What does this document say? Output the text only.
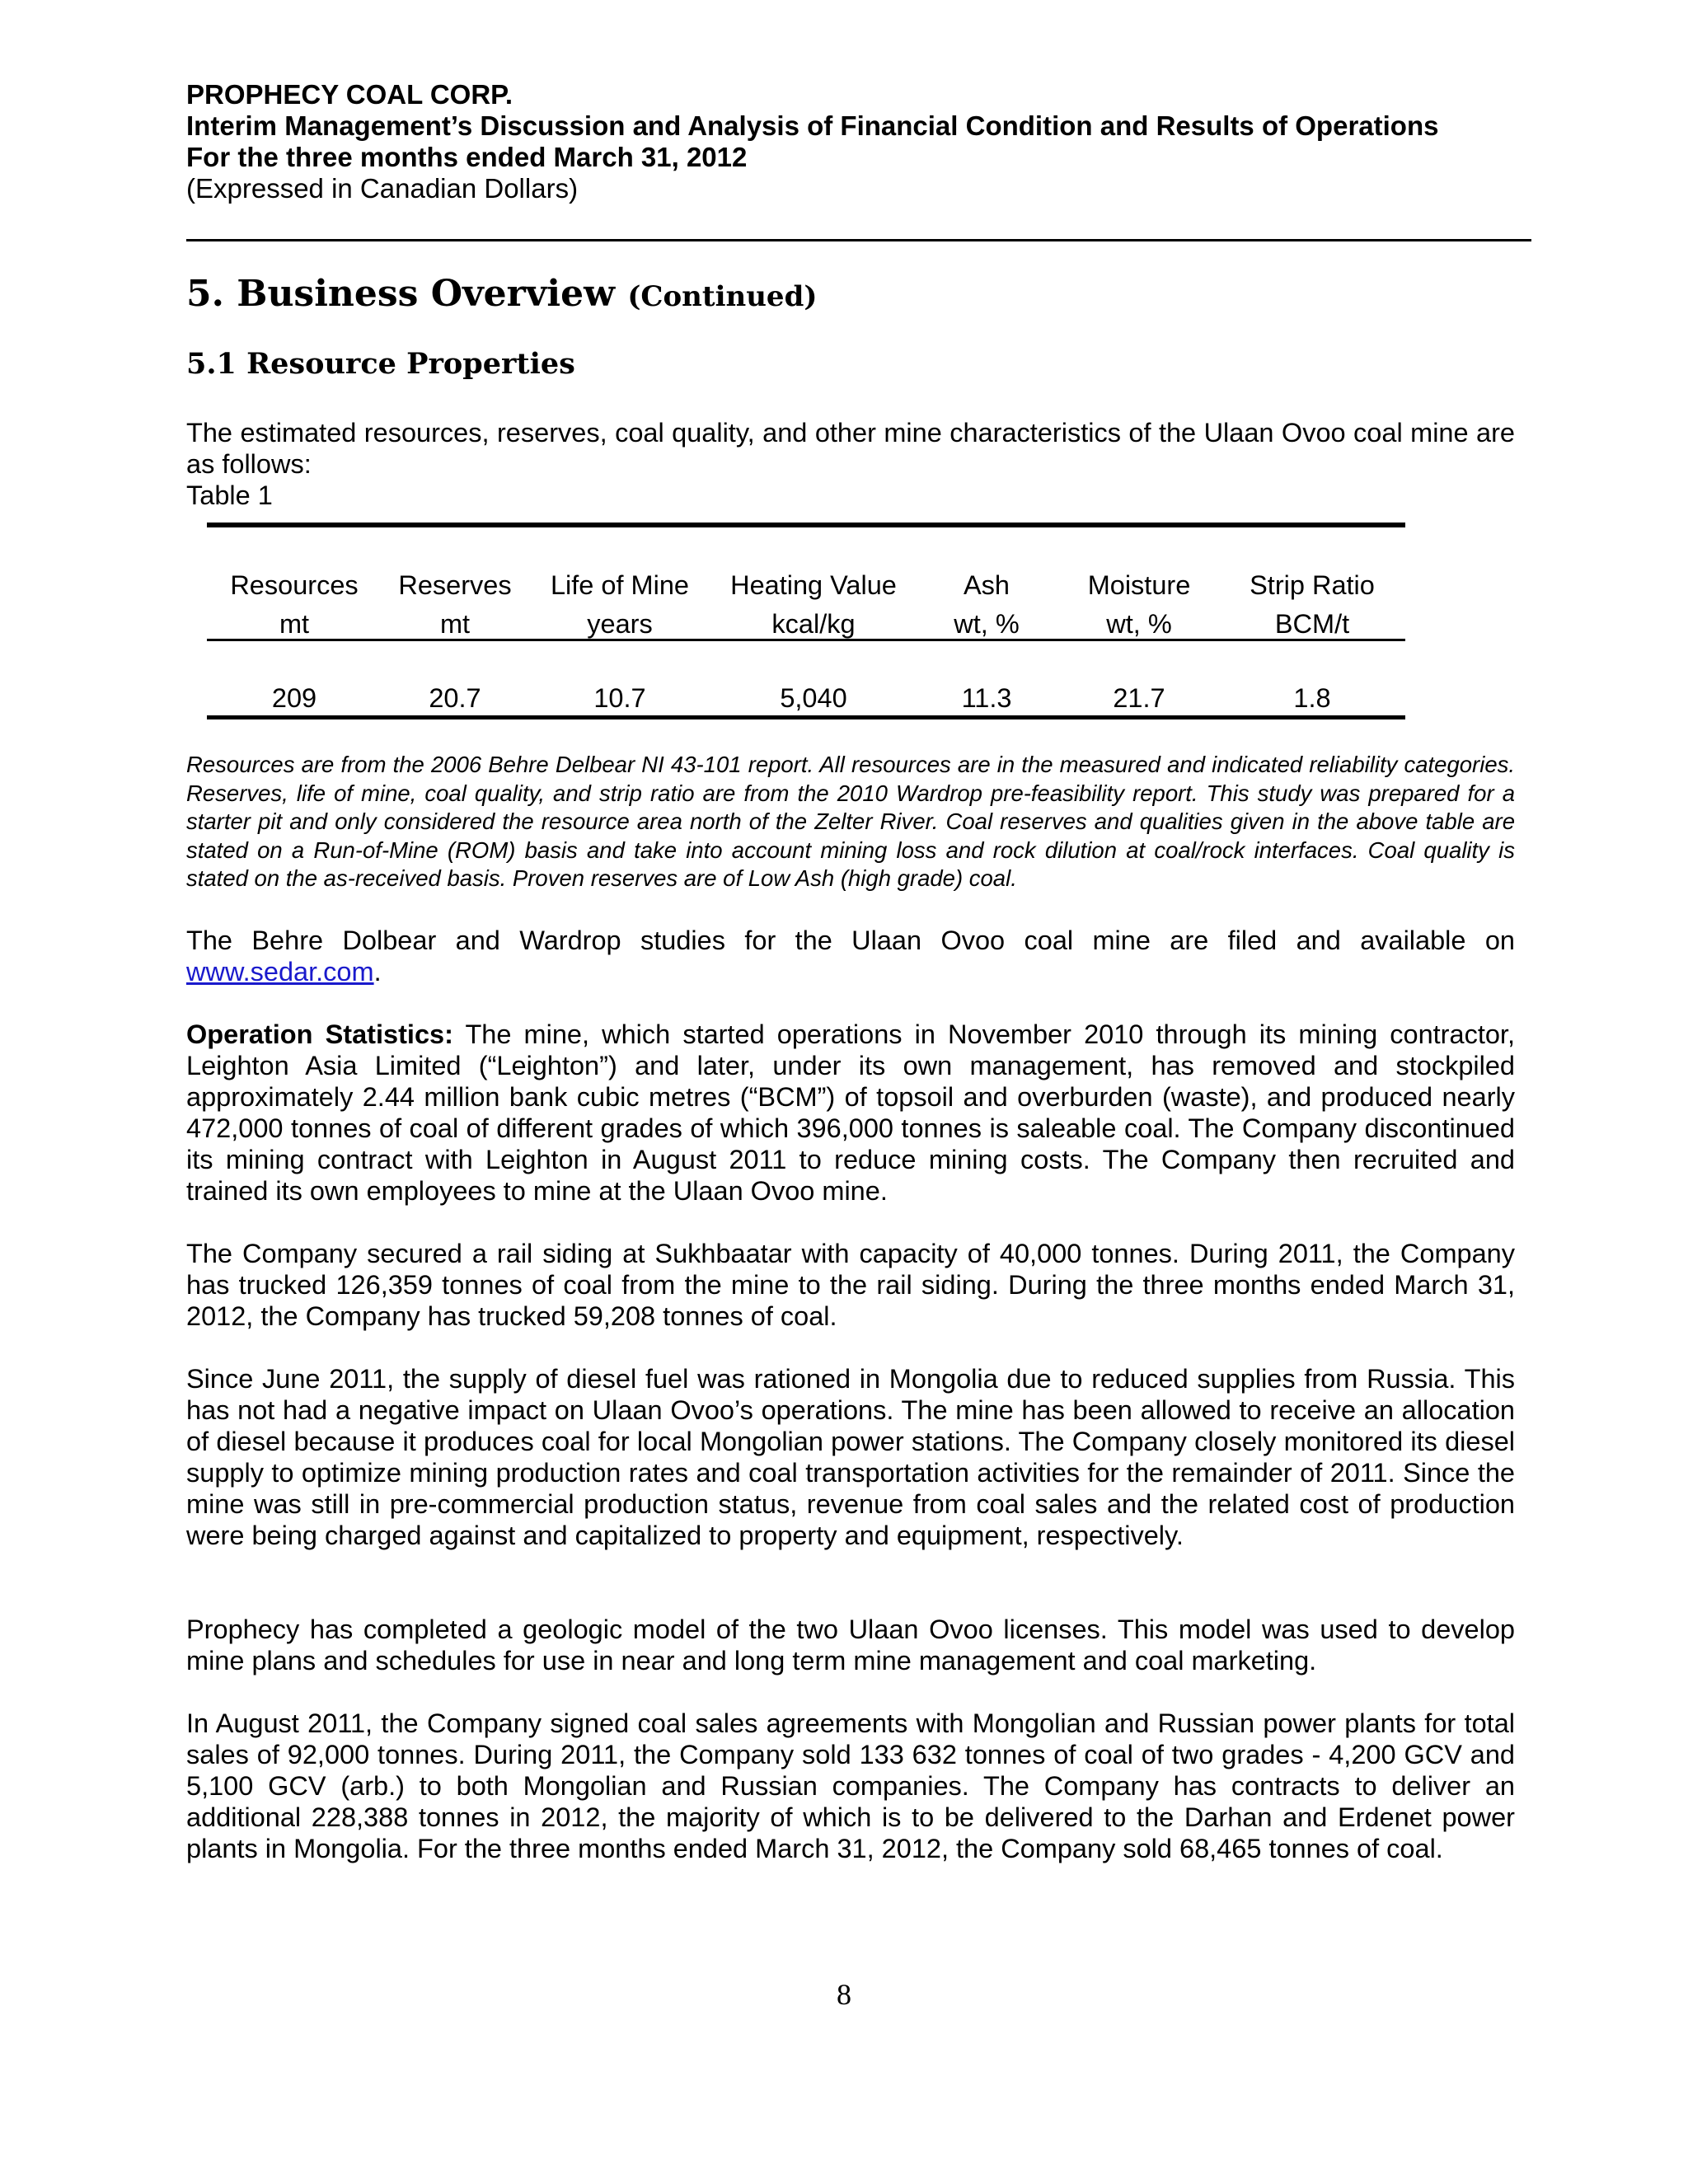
PROPHECY COAL CORP.
Interim Management’s Discussion and Analysis of Financial Condition and Results of Operations
For the three months ended March 31, 2012
(Expressed in Canadian Dollars)
5. Business Overview (Continued)
5.1 Resource Properties

The estimated resources, reserves, coal quality, and other mine characteristics of the Ulaan Ovoo coal mine are as follows:
Table 1

Resources	Reserves	Life of Mine	Heating Value	Ash	Moisture	Strip Ratio
mt	mt	years	kcal/kg	wt, %	wt, %	BCM/t
209	20.7	10.7	5,040	11.3	21.7	1.8

Resources are from the 2006 Behre Delbear NI 43-101 report. All resources are in the measured and indicated reliability categories. Reserves, life of mine, coal quality, and strip ratio are from the 2010 Wardrop pre-feasibility report. This study was prepared for a starter pit and only considered the resource area north of the Zelter River. Coal reserves and qualities given in the above table are stated on a Run-of-Mine (ROM) basis and take into account mining loss and rock dilution at coal/rock interfaces. Coal quality is stated on the as-received basis. Proven reserves are of Low Ash (high grade) coal.

The Behre Dolbear and Wardrop studies for the Ulaan Ovoo coal mine are filed and available on www.sedar.com.

Operation Statistics: The mine, which started operations in November 2010 through its mining contractor, Leighton Asia Limited (“Leighton”) and later, under its own management, has removed and stockpiled approximately 2.44 million bank cubic metres (“BCM”) of topsoil and overburden (waste), and produced nearly 472,000 tonnes of coal of different grades of which 396,000 tonnes is saleable coal. The Company discontinued its mining contract with Leighton in August 2011 to reduce mining costs. The Company then recruited and trained its own employees to mine at the Ulaan Ovoo mine.

The Company secured a rail siding at Sukhbaatar with capacity of 40,000 tonnes. During 2011, the Company has trucked 126,359 tonnes of coal from the mine to the rail siding. During the three months ended March 31, 2012, the Company has trucked 59,208 tonnes of coal.

Since June 2011, the supply of diesel fuel was rationed in Mongolia due to reduced supplies from Russia. This has not had a negative impact on Ulaan Ovoo’s operations. The mine has been allowed to receive an allocation of diesel because it produces coal for local Mongolian power stations. The Company closely monitored its diesel supply to optimize mining production rates and coal transportation activities for the remainder of 2011. Since the mine was still in pre-commercial production status, revenue from coal sales and the related cost of production were being charged against and capitalized to property and equipment, respectively.

Prophecy has completed a geologic model of the two Ulaan Ovoo licenses. This model was used to develop mine plans and schedules for use in near and long term mine management and coal marketing.

In August 2011, the Company signed coal sales agreements with Mongolian and Russian power plants for total sales of 92,000 tonnes. During 2011, the Company sold 133 632 tonnes of coal of two grades - 4,200 GCV and 5,100 GCV (arb.) to both Mongolian and Russian companies. The Company has contracts to deliver an additional 228,388 tonnes in 2012, the majority of which is to be delivered to the Darhan and Erdenet power plants in Mongolia. For the three months ended March 31, 2012, the Company sold 68,465 tonnes of coal.

8
